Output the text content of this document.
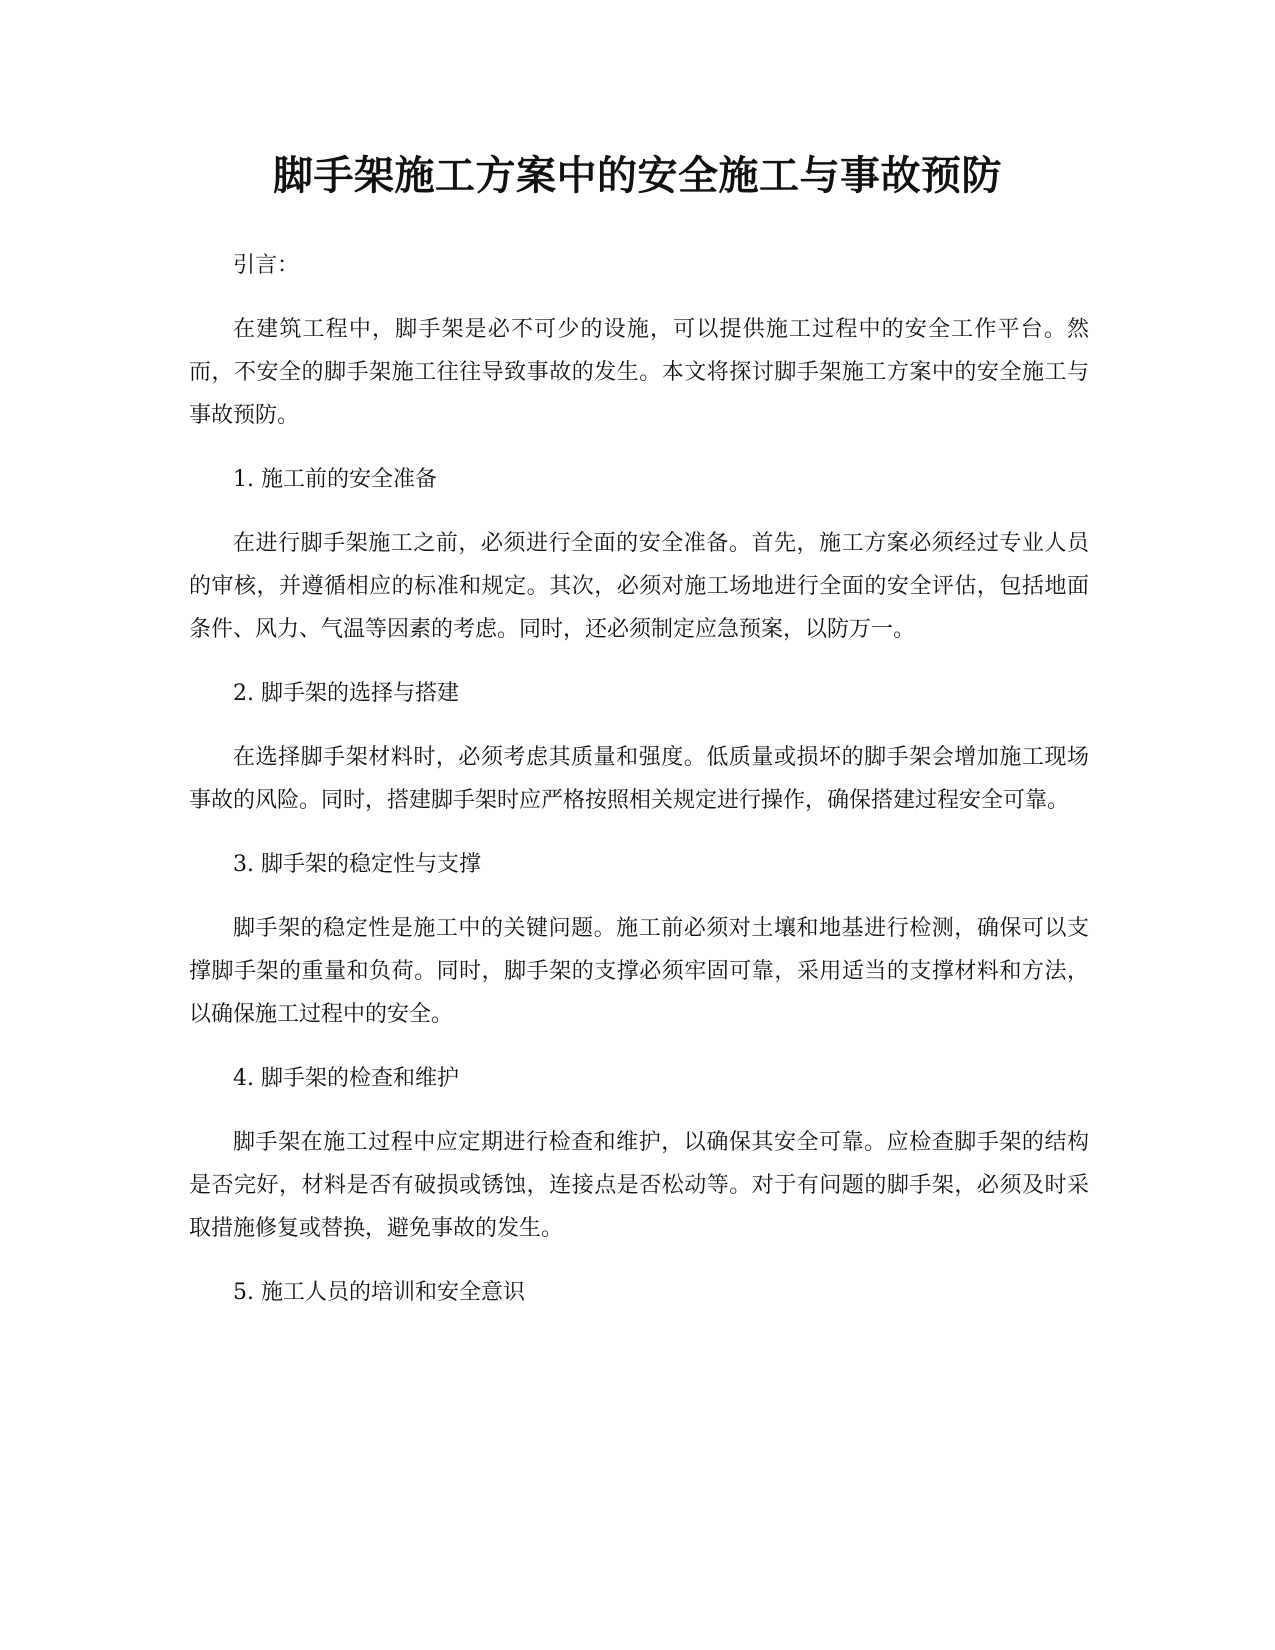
脚手架施工方案中的安全施工与事故预防

引言：

在建筑工程中，脚手架是必不可少的设施，可以提供施工过程中的安全工作平台。然而，不安全的脚手架施工往往导致事故的发生。本文将探讨脚手架施工方案中的安全施工与事故预防。

1. 施工前的安全准备

在进行脚手架施工之前，必须进行全面的安全准备。首先，施工方案必须经过专业人员的审核，并遵循相应的标准和规定。其次，必须对施工场地进行全面的安全评估，包括地面条件、风力、气温等因素的考虑。同时，还必须制定应急预案，以防万一。

2. 脚手架的选择与搭建

在选择脚手架材料时，必须考虑其质量和强度。低质量或损坏的脚手架会增加施工现场事故的风险。同时，搭建脚手架时应严格按照相关规定进行操作，确保搭建过程安全可靠。

3. 脚手架的稳定性与支撑

脚手架的稳定性是施工中的关键问题。施工前必须对土壤和地基进行检测，确保可以支撑脚手架的重量和负荷。同时，脚手架的支撑必须牢固可靠，采用适当的支撑材料和方法，以确保施工过程中的安全。

4. 脚手架的检查和维护

脚手架在施工过程中应定期进行检查和维护，以确保其安全可靠。应检查脚手架的结构是否完好，材料是否有破损或锈蚀，连接点是否松动等。对于有问题的脚手架，必须及时采取措施修复或替换，避免事故的发生。

5. 施工人员的培训和安全意识
